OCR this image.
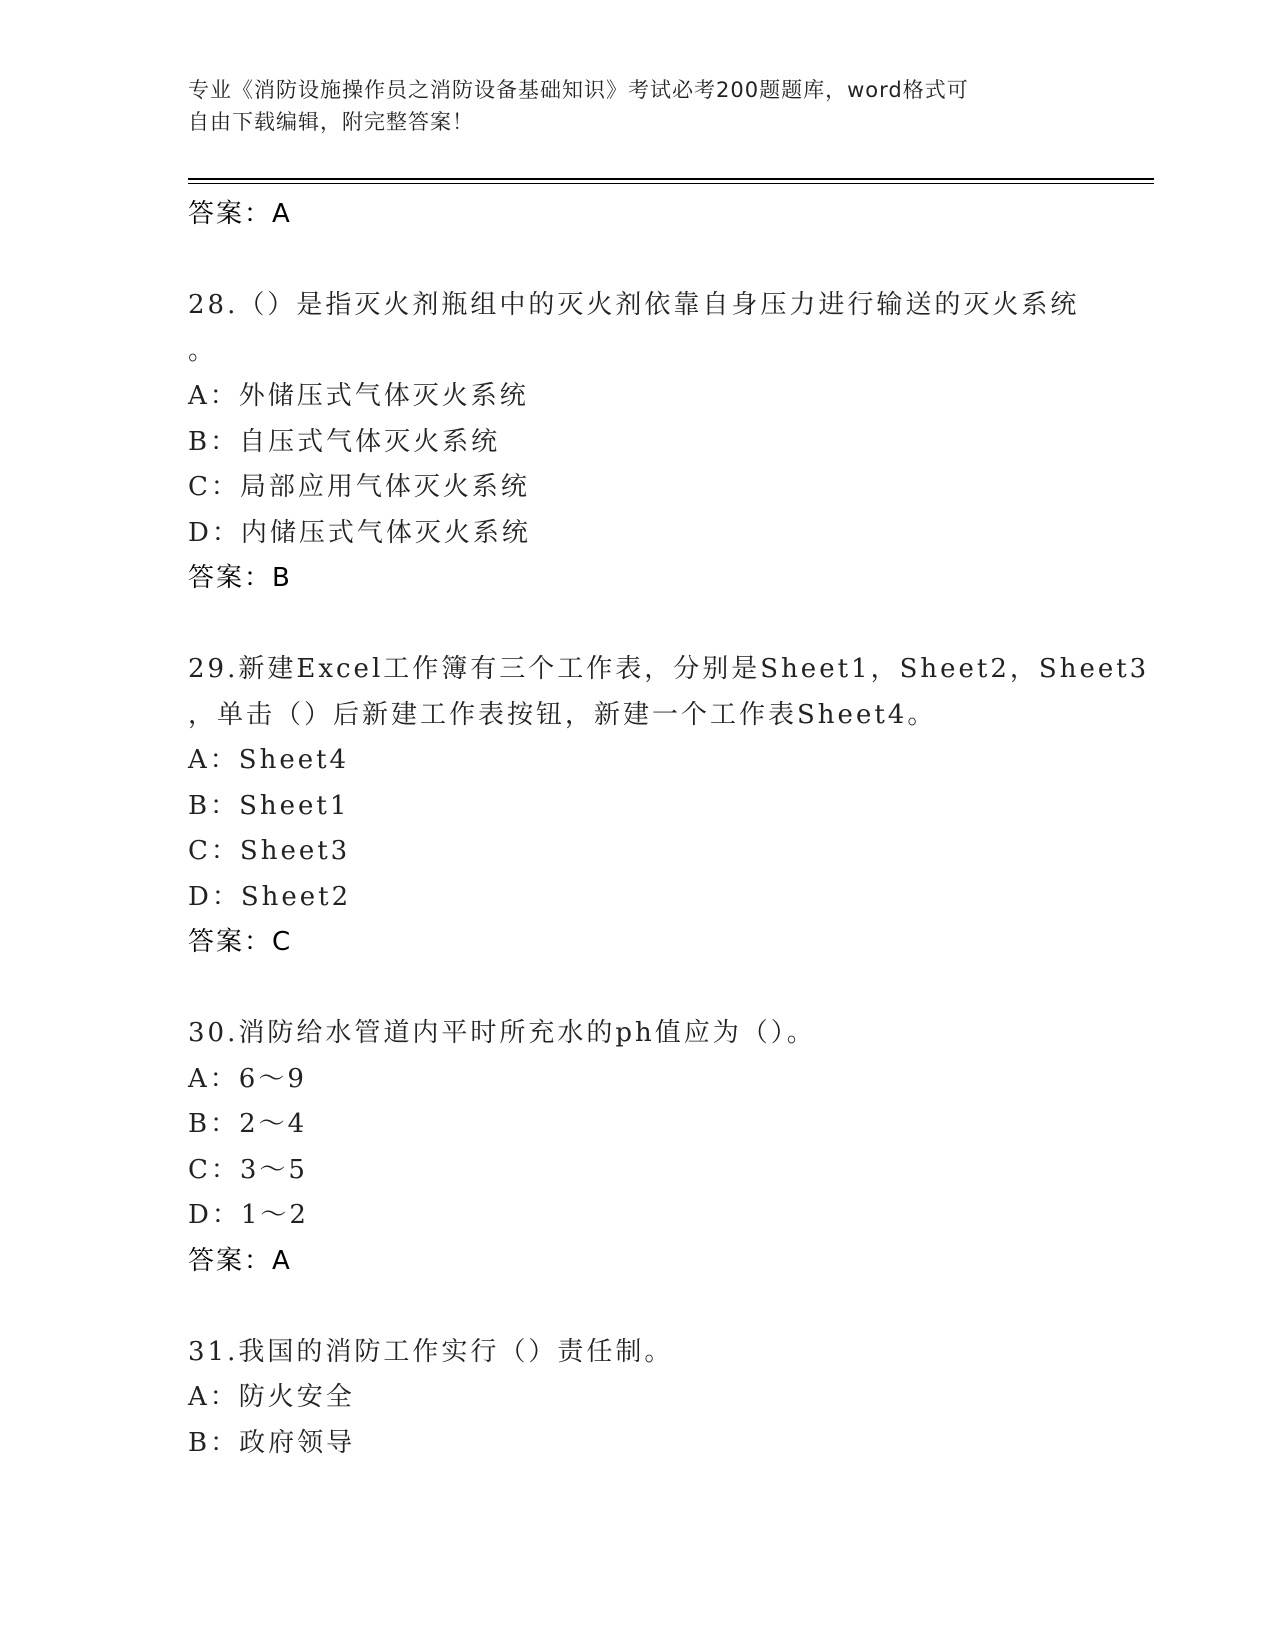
专业《消防设施操作员之消防设备基础知识》考试必考200题题库，word格式可
自由下载编辑，附完整答案！
答案：A
28.（）是指灭火剂瓶组中的灭火剂依靠自身压力进行输送的灭火系统
。
A：外储压式气体灭火系统
B：自压式气体灭火系统
C：局部应用气体灭火系统
D：内储压式气体灭火系统
答案：B
29.新建Excel工作簿有三个工作表，分别是Sheet1，Sheet2，Sheet3
，单击（）后新建工作表按钮，新建一个工作表Sheet4。
A：Sheet4
B：Sheet1
C：Sheet3
D：Sheet2
答案：C
30.消防给水管道内平时所充水的ph值应为（）。
A：6～9
B：2～4
C：3～5
D：1～2
答案：A
31.我国的消防工作实行（）责任制。
A：防火安全
B：政府领导
